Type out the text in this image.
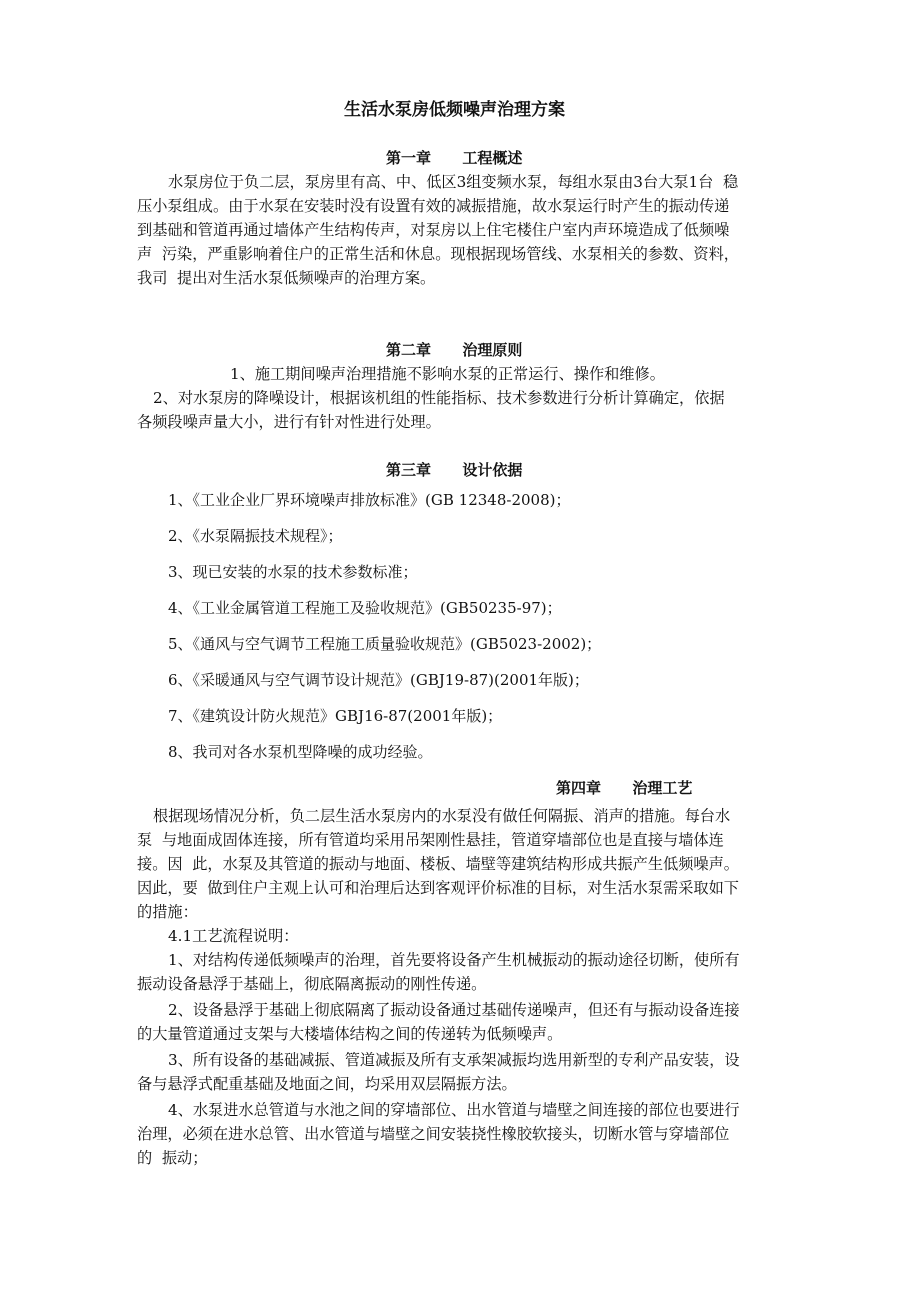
生活水泵房低频噪声治理方案
第一章      工程概述
水泵房位于负二层，泵房里有高、中、低区3组变频水泵，每组水泵由3台大泵1台  稳
压小泵组成。由于水泵在安装时没有设置有效的减振措施，故水泵运行时产生的振动传递
到基础和管道再通过墙体产生结构传声，对泵房以上住宅楼住户室内声环境造成了低频噪
声  污染，严重影响着住户的正常生活和休息。现根据现场管线、水泵相关的参数、资料，
我司  提出对生活水泵低频噪声的治理方案。
第二章      治理原则
1、施工期间噪声治理措施不影响水泵的正常运行、操作和维修。
2、对水泵房的降噪设计，根据该机组的性能指标、技术参数进行分析计算确定，依据
各频段噪声量大小，进行有针对性进行处理。
第三章      设计依据
1、《工业企业厂界环境噪声排放标准》(GB 12348-2008)；
2、《水泵隔振技术规程》；
3、现已安装的水泵的技术参数标准；
4、《工业金属管道工程施工及验收规范》(GB50235-97)；
5、《通风与空气调节工程施工质量验收规范》(GB5023-2002)；
6、《采暖通风与空气调节设计规范》(GBJ19-87)(2001年版)；
7、《建筑设计防火规范》GBJ16-87(2001年版)；
8、我司对各水泵机型降噪的成功经验。
第四章      治理工艺
根据现场情况分析，负二层生活水泵房内的水泵没有做任何隔振、消声的措施。每台水
泵  与地面成固体连接，所有管道均采用吊架刚性悬挂，管道穿墙部位也是直接与墙体连
接。因  此，水泵及其管道的振动与地面、楼板、墙壁等建筑结构形成共振产生低频噪声。
因此，要  做到住户主观上认可和治理后达到客观评价标准的目标，对生活水泵需采取如下
的措施：
4.1工艺流程说明：
1、对结构传递低频噪声的治理，首先要将设备产生机械振动的振动途径切断，使所有
振动设备悬浮于基础上，彻底隔离振动的刚性传递。
2、设备悬浮于基础上彻底隔离了振动设备通过基础传递噪声，但还有与振动设备连接
的大量管道通过支架与大楼墙体结构之间的传递转为低频噪声。
3、所有设备的基础减振、管道减振及所有支承架减振均选用新型的专利产品安装，设
备与悬浮式配重基础及地面之间，均采用双层隔振方法。
4、水泵进水总管道与水池之间的穿墙部位、出水管道与墙壁之间连接的部位也要进行
治理，必须在进水总管、出水管道与墙壁之间安装挠性橡胶软接头，切断水管与穿墙部位
的  振动；
